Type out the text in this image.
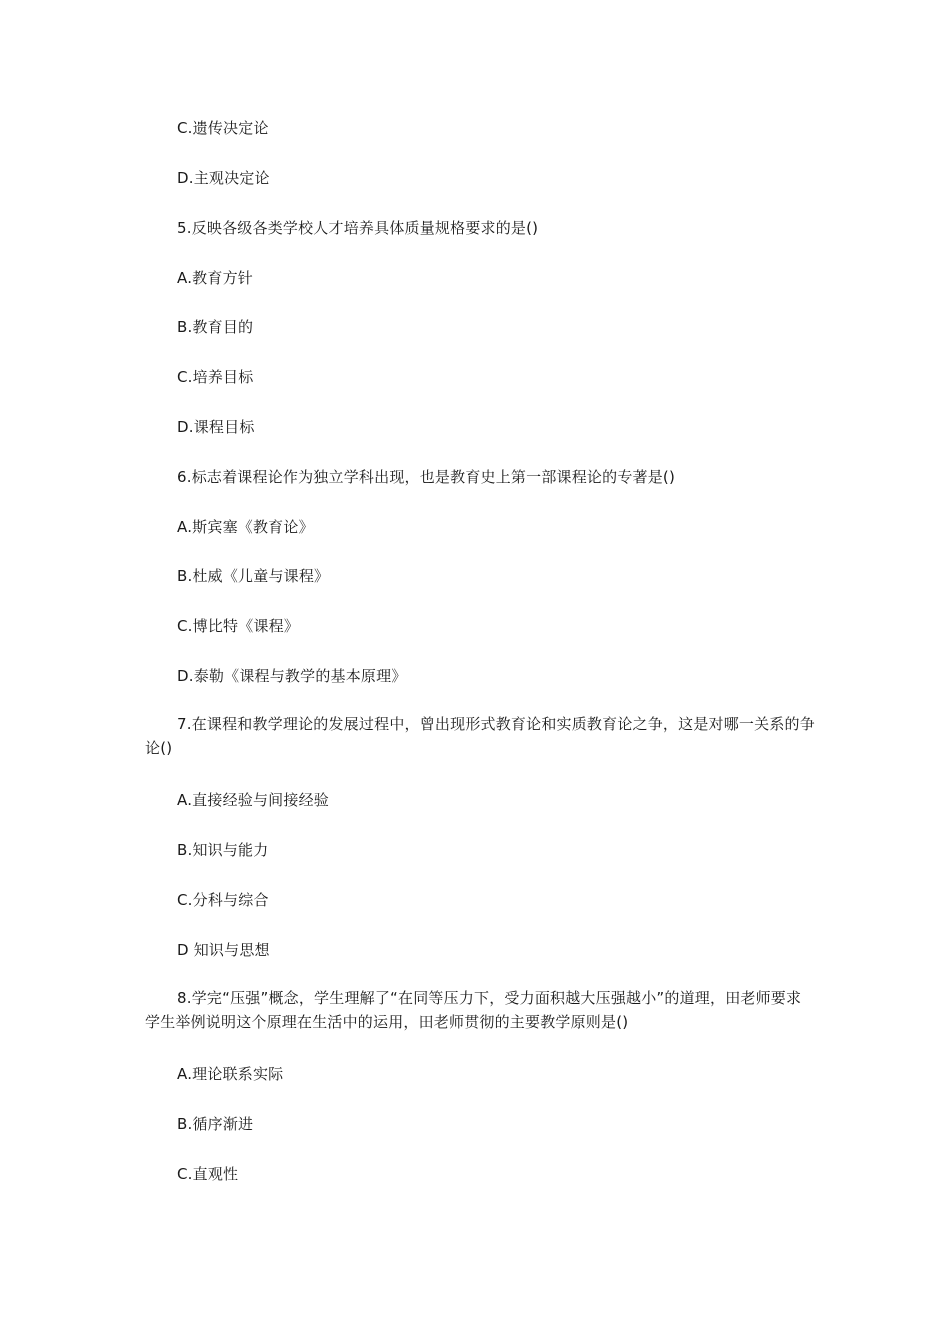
C.遗传决定论
D.主观决定论
5.反映各级各类学校人才培养具体质量规格要求的是()
A.教育方针
B.教育目的
C.培养目标
D.课程目标
6.标志着课程论作为独立学科出现，也是教育史上第一部课程论的专著是()
A.斯宾塞《教育论》
B.杜威《儿童与课程》
C.博比特《课程》
D.泰勒《课程与教学的基本原理》
7.在课程和教学理论的发展过程中，曾出现形式教育论和实质教育论之争，这是对哪一关系的争论()
A.直接经验与间接经验
B.知识与能力
C.分科与综合
D 知识与思想
8.学完“压强”概念，学生理解了“在同等压力下，受力面积越大压强越小”的道理，田老师要求学生举例说明这个原理在生活中的运用，田老师贯彻的主要教学原则是()
A.理论联系实际
B.循序渐进
C.直观性
